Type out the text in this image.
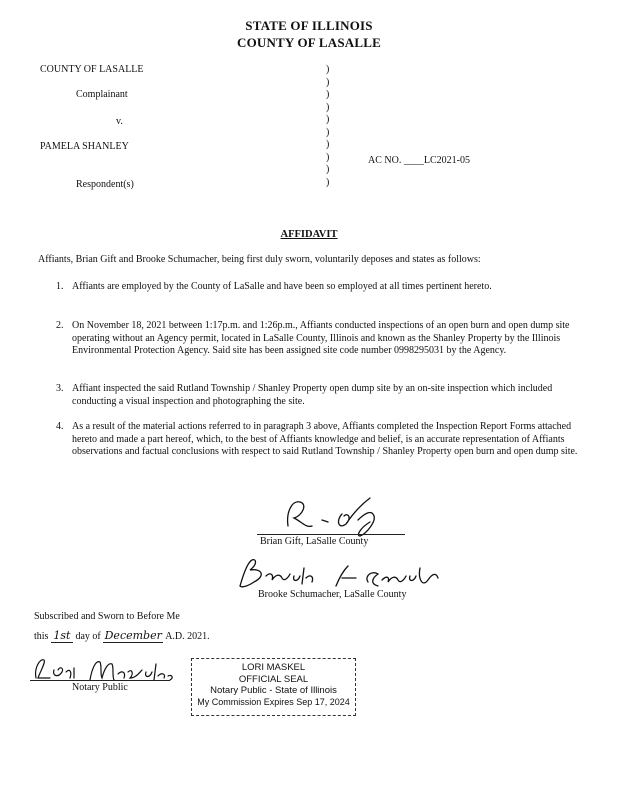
STATE OF ILLINOIS
COUNTY OF LASALLE
COUNTY OF LASALLE
Complainant
v.
PAMELA SHANLEY
Respondent(s)
AC NO. ____LC2021-05
)
)
)
)
)
)
)
)
)
)
AFFIDAVIT
Affiants, Brian Gift and Brooke Schumacher, being first duly sworn, voluntarily deposes and states as follows:
1. Affiants are employed by the County of LaSalle and have been so employed at all times pertinent hereto.
2. On November 18, 2021 between 1:17p.m. and 1:26p.m., Affiants conducted inspections of an open burn and open dump site operating without an Agency permit, located in LaSalle County, Illinois and known as the Shanley Property by the Illinois Environmental Protection Agency. Said site has been assigned site code number 0998295031 by the Agency.
3. Affiant inspected the said Rutland Township / Shanley Property open dump site by an on-site inspection which included conducting a visual inspection and photographing the site.
4. As a result of the material actions referred to in paragraph 3 above, Affiants completed the Inspection Report Forms attached hereto and made a part hereof, which, to the best of Affiants knowledge and belief, is an accurate representation of Affiants observations and factual conclusions with respect to said Rutland Township / Shanley Property open burn and open dump site.
Brian Gift, LaSalle County
Brooke Schumacher, LaSalle County
Subscribed and Sworn to Before Me
this 1st day of December A.D. 2021.
Notary Public
LORI MASKEL
OFFICIAL SEAL
Notary Public - State of Illinois
My Commission Expires Sep 17, 2024
